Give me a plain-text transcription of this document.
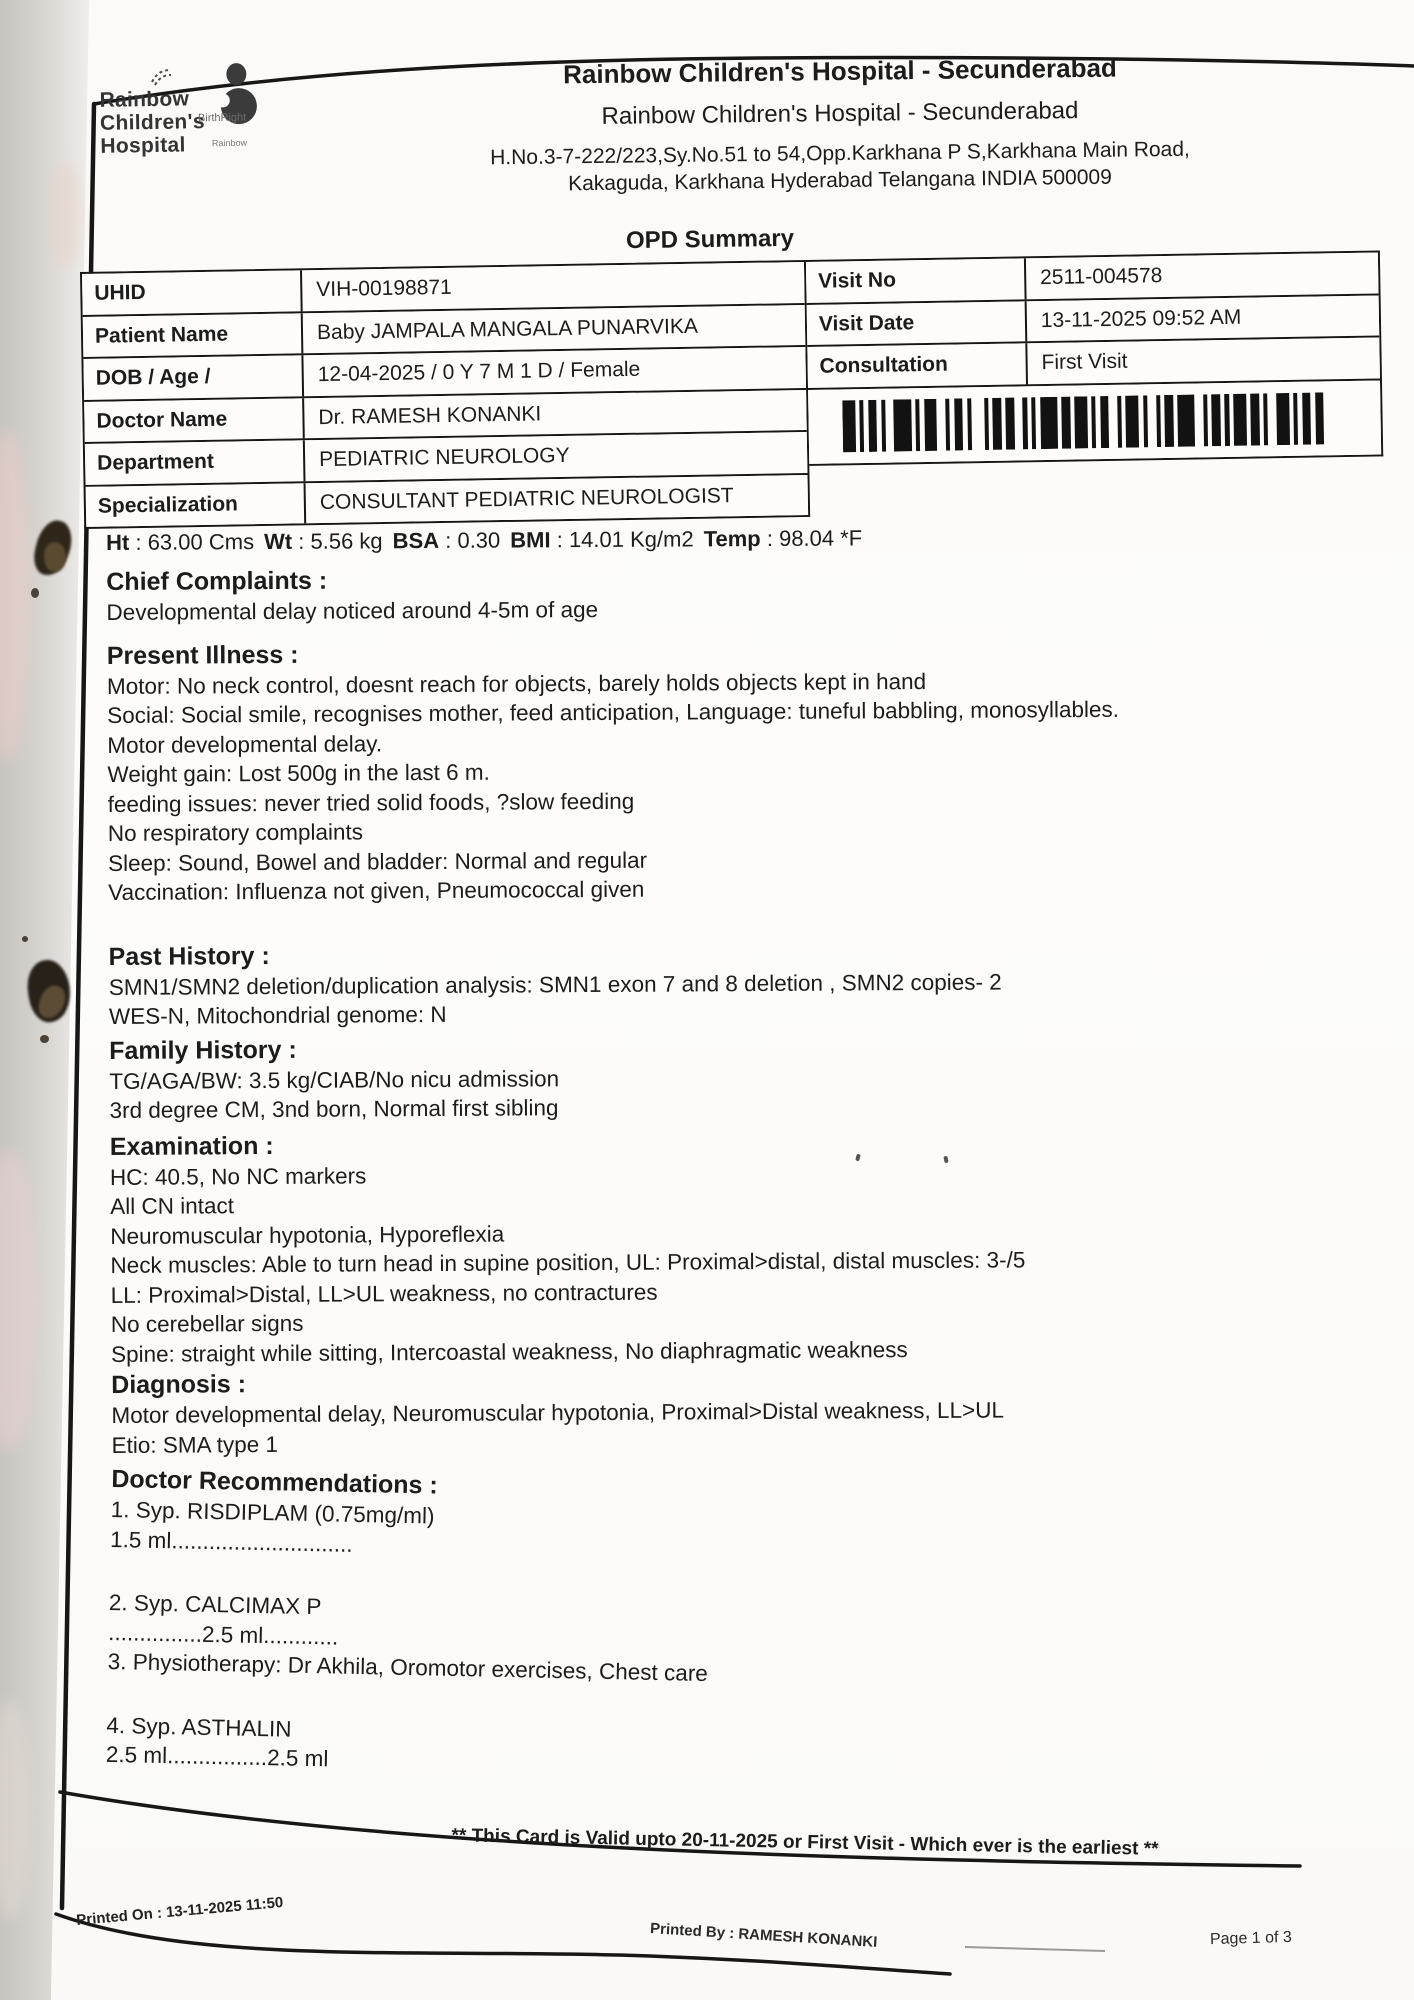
Rainbow
Children's
Hospital
BirthRight
Rainbow
Rainbow Children's Hospital - Secunderabad
Rainbow Children's Hospital - Secunderabad
H.No.3-7-222/223,Sy.No.51 to 54,Opp.Karkhana P S,Karkhana Main Road,
Kakaguda, Karkhana Hyderabad Telangana INDIA 500009
OPD Summary
UHID	VIH-00198871
Patient Name	Baby JAMPALA MANGALA PUNARVIKA
DOB / Age /	12-04-2025 / 0 Y 7 M 1 D / Female
Doctor Name	Dr. RAMESH KONANKI
Department	PEDIATRIC NEUROLOGY
Specialization	CONSULTANT PEDIATRIC NEUROLOGIST
Visit No	2511-004578
Visit Date	13-11-2025 09:52 AM
Consultation	First Visit
Ht : 63.00 Cms Wt : 5.56 kg BSA : 0.30 BMI : 14.01 Kg/m2 Temp : 98.04 *F
Chief Complaints :
Developmental delay noticed around 4-5m of age
Present Illness :
Motor: No neck control, doesnt reach for objects, barely holds objects kept in hand
Social: Social smile, recognises mother, feed anticipation, Language: tuneful babbling, monosyllables.
Motor developmental delay.
Weight gain: Lost 500g in the last 6 m.
feeding issues: never tried solid foods, ?slow feeding
No respiratory complaints
Sleep: Sound, Bowel and bladder: Normal and regular
Vaccination: Influenza not given, Pneumococcal given
Past History :
SMN1/SMN2 deletion/duplication analysis: SMN1 exon 7 and 8 deletion , SMN2 copies- 2
WES-N, Mitochondrial genome: N
Family History :
TG/AGA/BW: 3.5 kg/CIAB/No nicu admission
3rd degree CM, 3nd born, Normal first sibling
Examination :
HC: 40.5, No NC markers
All CN intact
Neuromuscular hypotonia, Hyporeflexia
Neck muscles: Able to turn head in supine position, UL: Proximal>distal, distal muscles: 3-/5
LL: Proximal>Distal, LL>UL weakness, no contractures
No cerebellar signs
Spine: straight while sitting, Intercoastal weakness, No diaphragmatic weakness
Diagnosis :
Motor developmental delay, Neuromuscular hypotonia, Proximal>Distal weakness, LL>UL
Etio: SMA type 1
Doctor Recommendations :
1. Syp. RISDIPLAM (0.75mg/ml)
1.5 ml.............................
2. Syp. CALCIMAX P
...............2.5 ml............
3. Physiotherapy: Dr Akhila, Oromotor exercises, Chest care
4. Syp. ASTHALIN
2.5 ml................2.5 ml
** This Card is Valid upto 20-11-2025 or First Visit - Which ever is the earliest **
Printed On : 13-11-2025 11:50
Printed By : RAMESH KONANKI	Page 1 of 3
